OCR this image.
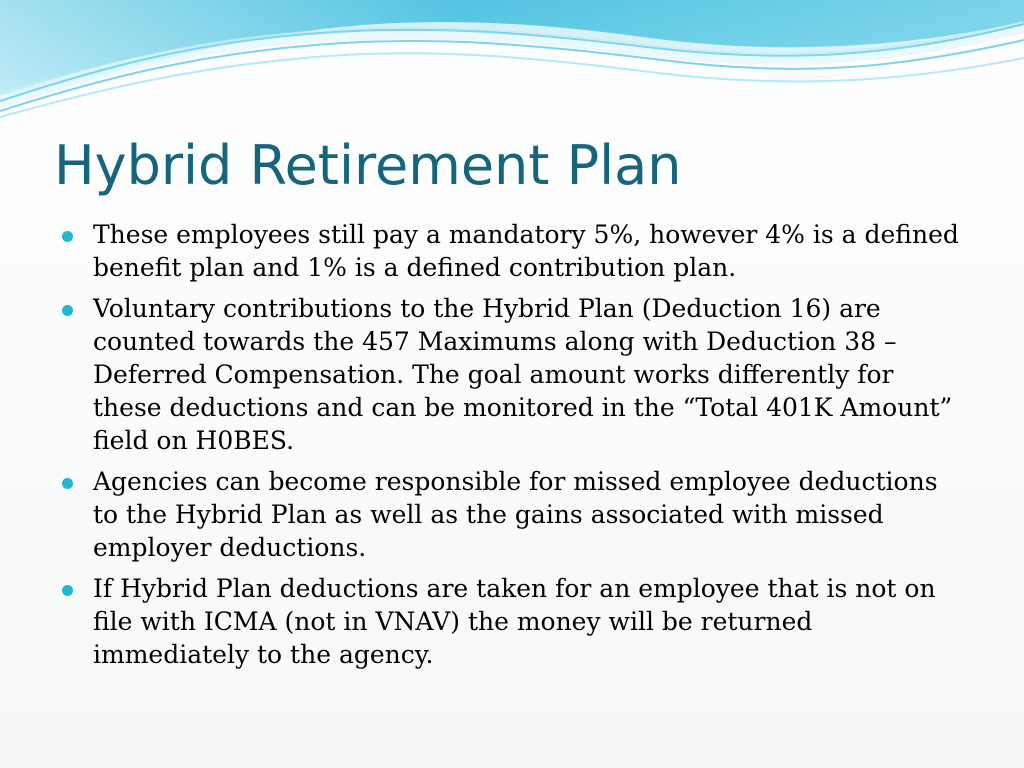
Hybrid Retirement Plan
These employees still pay a mandatory 5%, however 4% is a defined benefit plan and 1% is a defined contribution plan.
Voluntary contributions to the Hybrid Plan (Deduction 16) are counted towards the 457 Maximums along with Deduction 38 – Deferred Compensation. The goal amount works differently for these deductions and can be monitored in the “Total 401K Amount” field on H0BES.
Agencies can become responsible for missed employee deductions to the Hybrid Plan as well as the gains associated with missed employer deductions.
If Hybrid Plan deductions are taken for an employee that is not on file with ICMA (not in VNAV) the money will be returned immediately to the agency.
